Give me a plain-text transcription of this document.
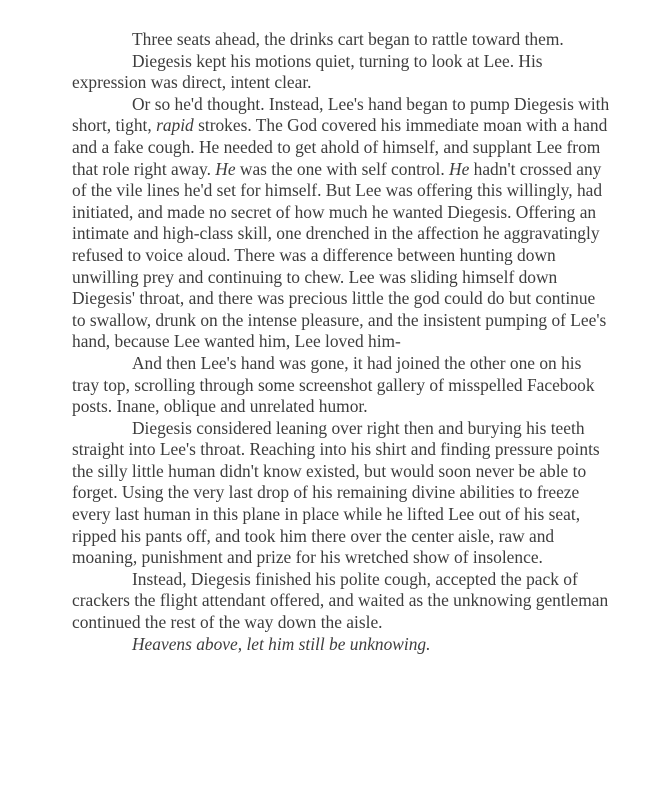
Three seats ahead, the drinks cart began to rattle toward them.

Diegesis kept his motions quiet, turning to look at Lee. His expression was direct, intent clear.

Or so he'd thought. Instead, Lee's hand began to pump Diegesis with short, tight, rapid strokes. The God covered his immediate moan with a hand and a fake cough. He needed to get ahold of himself, and supplant Lee from that role right away. He was the one with self control. He hadn't crossed any of the vile lines he'd set for himself. But Lee was offering this willingly, had initiated, and made no secret of how much he wanted Diegesis. Offering an intimate and high-class skill, one drenched in the affection he aggravatingly refused to voice aloud. There was a difference between hunting down unwilling prey and continuing to chew. Lee was sliding himself down Diegesis' throat, and there was precious little the god could do but continue to swallow, drunk on the intense pleasure, and the insistent pumping of Lee's hand, because Lee wanted him, Lee loved him-

And then Lee's hand was gone, it had joined the other one on his tray top, scrolling through some screenshot gallery of misspelled Facebook posts. Inane, oblique and unrelated humor.

Diegesis considered leaning over right then and burying his teeth straight into Lee's throat. Reaching into his shirt and finding pressure points the silly little human didn't know existed, but would soon never be able to forget. Using the very last drop of his remaining divine abilities to freeze every last human in this plane in place while he lifted Lee out of his seat, ripped his pants off, and took him there over the center aisle, raw and moaning, punishment and prize for his wretched show of insolence.

Instead, Diegesis finished his polite cough, accepted the pack of crackers the flight attendant offered, and waited as the unknowing gentleman continued the rest of the way down the aisle.

Heavens above, let him still be unknowing.
